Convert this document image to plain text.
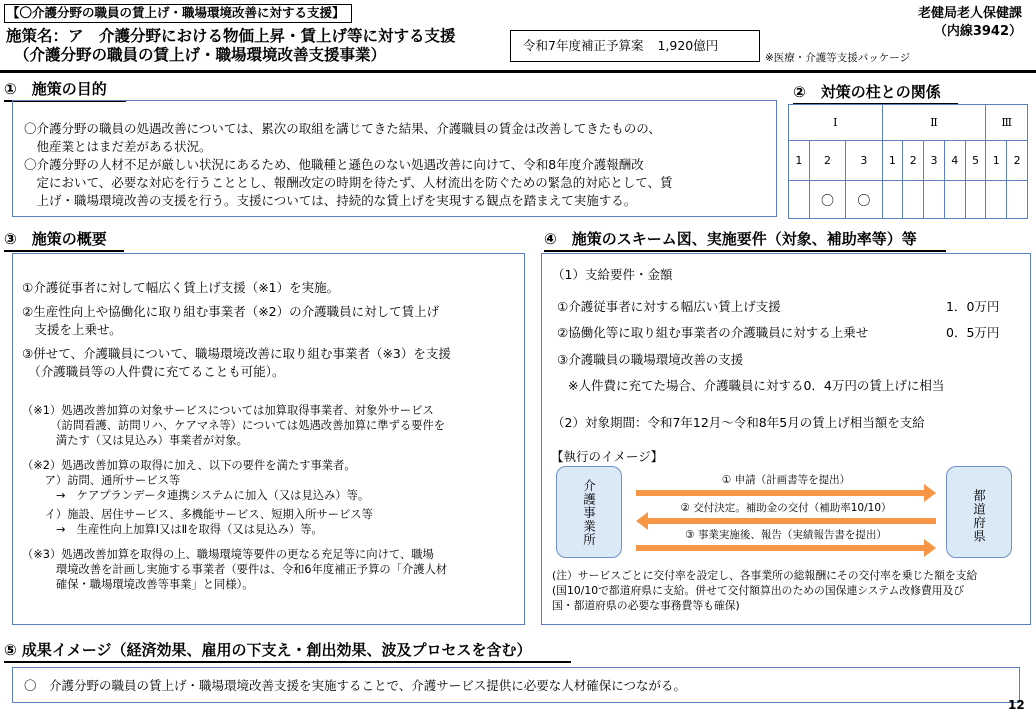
【〇介護分野の職員の賃上げ・職場環境改善に対する支援】	老健局老人保健課
（内線3942）
施策名：ア　介護分野における物価上昇・賃上げ等に対する支援
（介護分野の職員の賃上げ・職場環境改善支援事業）
令和7年度補正予算案 1,920億円
※医療・介護等支援パッケージ
①　施策の目的
〇介護分野の職員の処遇改善については、累次の取組を講じてきた結果、介護職員の賃金は改善してきたものの、
　他産業とはまだ差がある状況。
〇介護分野の人材不足が厳しい状況にあるため、他職種と遜色のない処遇改善に向けて、令和8年度介護報酬改
　定において、必要な対応を行うこととし、報酬改定の時期を待たず、人材流出を防ぐための緊急的対応として、賃
　上げ・職場環境改善の支援を行う。支援については、持続的な賃上げを実現する観点を踏まえて実施する。
②　対策の柱との関係
Ⅰ			Ⅱ					Ⅲ	
1	2	3	1	2	3	4	5	1	2
	〇	〇							
③　施策の概要
①介護従事者に対して幅広く賃上げ支援（※1）を実施。
②生産性向上や協働化に取り組む事業者（※2）の介護職員に対して賃上げ
　支援を上乗せ。
③併せて、介護職員について、職場環境改善に取り組む事業者（※3）を支援
　（介護職員等の人件費に充てることも可能）。
（※1）処遇改善加算の対象サービスについては加算取得事業者、対象外サービス
　　　（訪問看護、訪問リハ、ケアマネ等）については処遇改善加算に準ずる要件を
　　　満たす（又は見込み）事業者が対象。
（※2）処遇改善加算の取得に加え、以下の要件を満たす事業者。
　　ア）訪問、通所サービス等
　　　→　ケアプランデータ連携システムに加入（又は見込み）等。
　　イ）施設、居住サービス、多機能サービス、短期入所サービス等
　　　→　生産性向上加算Ⅰ又はⅡを取得（又は見込み）等。
（※3）処遇改善加算を取得の上、職場環境等要件の更なる充足等に向けて、職場
　　　環境改善を計画し実施する事業者（要件は、令和6年度補正予算の「介護人材
　　　確保・職場環境改善等事業」と同様）。
④　施策のスキーム図、実施要件（対象、補助率等）等
（1）支給要件・金額
①介護従事者に対する幅広い賃上げ支援	1．0万円
②協働化等に取り組む事業者の介護職員に対する上乗せ	0．5万円
③介護職員の職場環境改善の支援
※人件費に充てた場合、介護職員に対する0．4万円の賃上げに相当
（2）対象期間：令和7年12月～令和8年5月の賃上げ相当額を支給
【執行のイメージ】
介護事業所	都道府県
① 申請（計画書等を提出）
② 交付決定。補助金の交付（補助率10/10）
③ 事業実施後、報告（実績報告書を提出）
(注）サービスごとに交付率を設定し、各事業所の総報酬にその交付率を乗じた額を支給
(国10/10で都道府県に支給。併せて交付額算出のための国保連システム改修費用及び
国・都道府県の必要な事務費等も確保)
⑤ 成果イメージ（経済効果、雇用の下支え・創出効果、波及プロセスを含む）
〇　介護分野の職員の賃上げ・職場環境改善支援を実施することで、介護サービス提供に必要な人材確保につながる。
12
